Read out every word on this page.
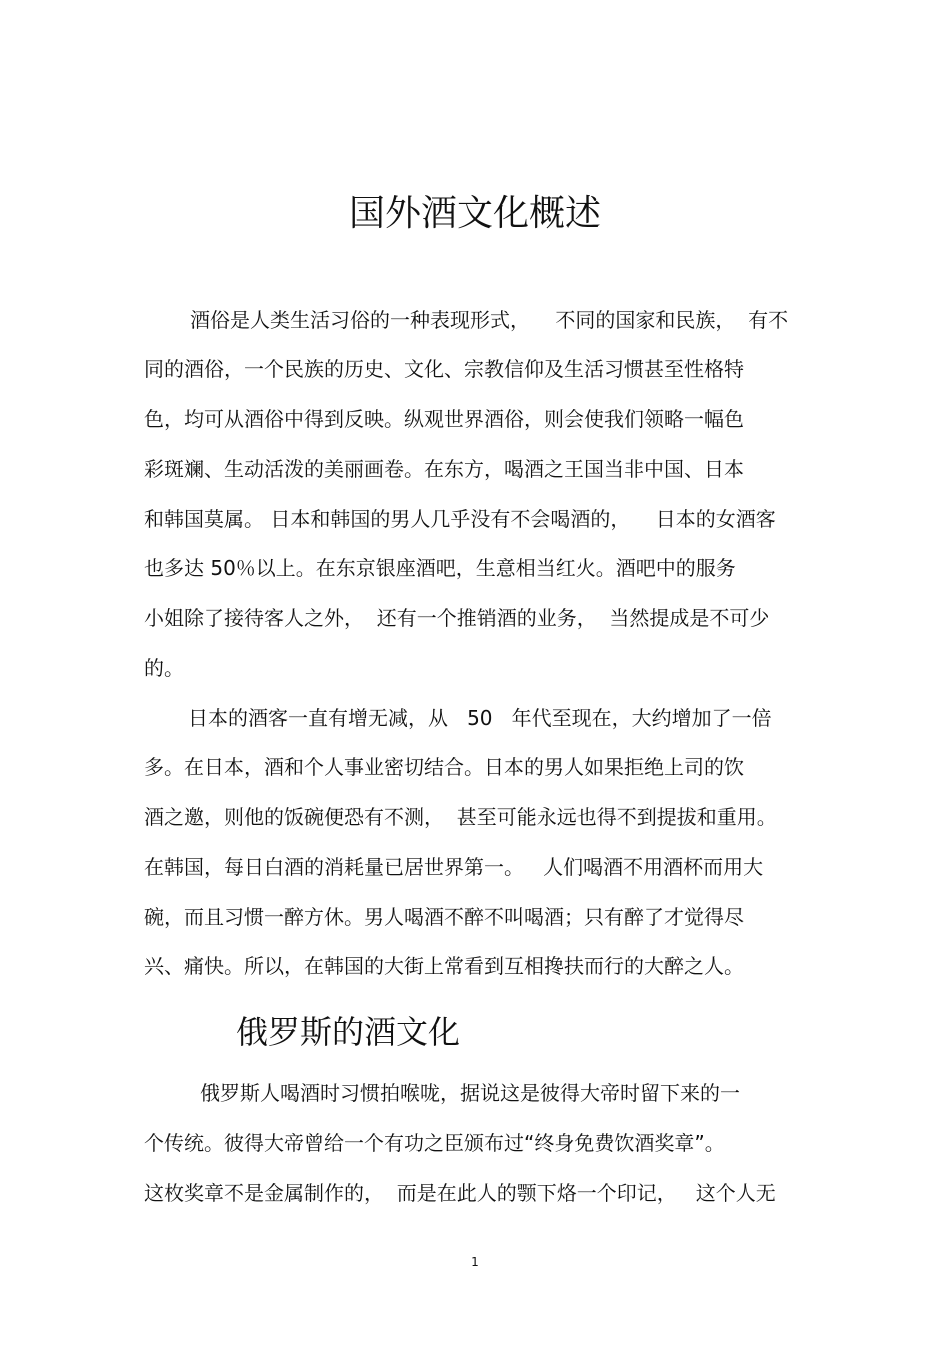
国外酒文化概述

酒俗是人类生活习俗的一种表现形式，    不同的国家和民族，  有不

同的酒俗，一个民族的历史、文化、宗教信仰及生活习惯甚至性格特

色，均可从酒俗中得到反映。纵观世界酒俗，则会使我们领略一幅色

彩斑斓、生动活泼的美丽画卷。在东方，喝酒之王国当非中国、日本

和韩国莫属。 日本和韩国的男人几乎没有不会喝酒的，    日本的女酒客

也多达 50％以上。在东京银座酒吧，生意相当红火。酒吧中的服务

小姐除了接待客人之外，  还有一个推销酒的业务，  当然提成是不可少

的。

日本的酒客一直有增无减，从   50   年代至现在，大约增加了一倍

多。在日本，酒和个人事业密切结合。日本的男人如果拒绝上司的饮

酒之邀，则他的饭碗便恐有不测，  甚至可能永远也得不到提拔和重用。

在韩国，每日白酒的消耗量已居世界第一。   人们喝酒不用酒杯而用大

碗，而且习惯一醉方休。男人喝酒不醉不叫喝酒；只有醉了才觉得尽

兴、痛快。所以，在韩国的大街上常看到互相搀扶而行的大醉之人。

俄罗斯的酒文化

俄罗斯人喝酒时习惯拍喉咙，据说这是彼得大帝时留下来的一

个传统。彼得大帝曾给一个有功之臣颁布过“终身免费饮酒奖章”。

这枚奖章不是金属制作的，  而是在此人的颚下烙一个印记，   这个人无

1
